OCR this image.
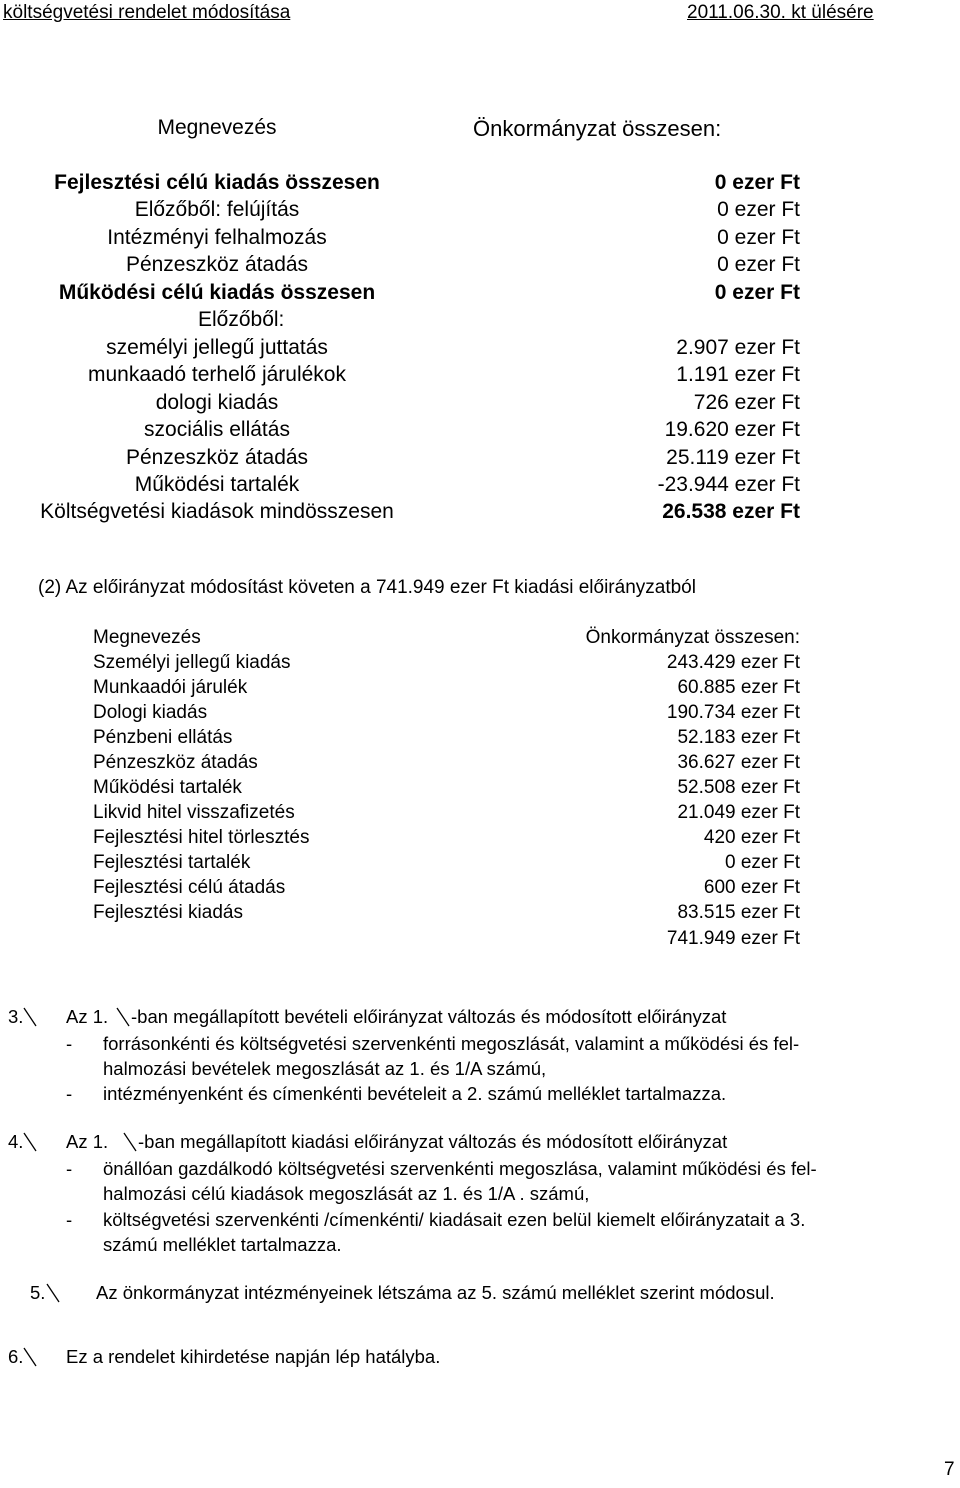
költségvetési rendelet módosítása	2011.06.30. kt ülésére
Megnevezés	Önkormányzat összesen:
Fejlesztési célú kiadás összesen	0 ezer Ft
Előzőből: felújítás	0 ezer Ft
Intézményi felhalmozás	0 ezer Ft
Pénzeszköz átadás	0 ezer Ft
Működési célú kiadás összesen	0 ezer Ft
Előzőből:
személyi jellegű juttatás	2.907 ezer Ft
munkaadó terhelő járulékok	1.191 ezer Ft
dologi kiadás	726 ezer Ft
szociális ellátás	19.620 ezer Ft
Pénzeszköz átadás	25.119 ezer Ft
Működési tartalék	-23.944 ezer Ft
Költségvetési kiadások mindösszesen	26.538 ezer Ft
(2) Az előirányzat módosítást követen a 741.949 ezer Ft kiadási előirányzatból
Megnevezés	Önkormányzat összesen:
Személyi jellegű kiadás	243.429 ezer Ft
Munkaadói járulék	60.885 ezer Ft
Dologi kiadás	190.734 ezer Ft
Pénzbeni ellátás	52.183 ezer Ft
Pénzeszköz átadás	36.627 ezer Ft
Működési tartalék	52.508 ezer Ft
Likvid hitel visszafizetés	21.049 ezer Ft
Fejlesztési hitel törlesztés	420 ezer Ft
Fejlesztési tartalék	0 ezer Ft
Fejlesztési célú átadás	600 ezer Ft
Fejlesztési kiadás	83.515 ezer Ft
741.949 ezer Ft
3. Az 1. -ban megállapított bevételi előirányzat változás és módosított előirányzat
- forrásonkénti és költségvetési szervenkénti megoszlását, valamint a működési és fel-
halmozási bevételek megoszlását az 1. és 1/A számú,
- intézményenként és címenkénti bevételeit a 2. számú melléklet tartalmazza.
4. Az 1. -ban megállapított kiadási előirányzat változás és módosított előirányzat
- önállóan gazdálkodó költségvetési szervenkénti megoszlása, valamint működési és fel-
halmozási célú kiadások megoszlását az 1. és 1/A . számú,
- költségvetési szervenkénti /címenkénti/ kiadásait ezen belül kiemelt előirányzatait a 3.
számú melléklet tartalmazza.
5.	Az önkormányzat intézményeinek létszáma az 5. számú melléklet szerint módosul.
6. Ez a rendelet kihirdetése napján lép hatályba.
7
